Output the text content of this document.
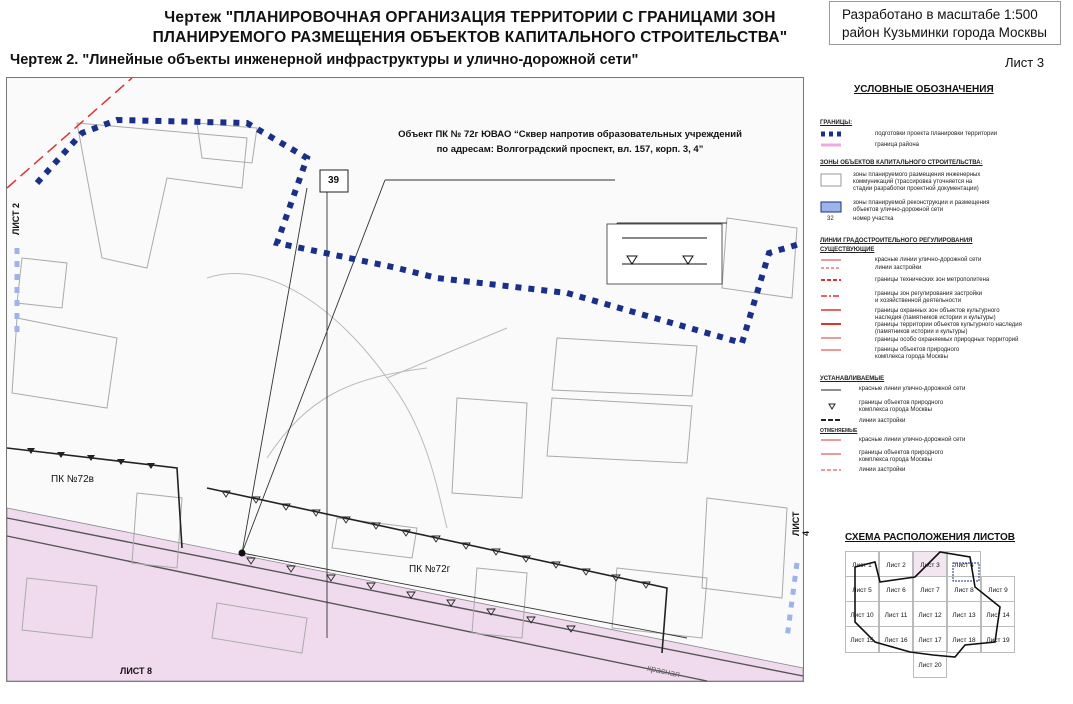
Чертеж "ПЛАНИРОВОЧНАЯ ОРГАНИЗАЦИЯ ТЕРРИТОРИИ С ГРАНИЦАМИ ЗОН
ПЛАНИРУЕМОГО РАЗМЕЩЕНИЯ ОБЪЕКТОВ КАПИТАЛЬНОГО СТРОИТЕЛЬСТВА"
Чертеж 2. "Линейные объекты инженерной инфраструктуры и улично-дорожной сети"	Лист 3
Разработано в масштабе 1:500
район Кузьминки города Москвы
39
ПК №72в
ПК №72г
ЛИСТ 2
ЛИСТ 4
ЛИСТ 8	красная
Объект ПК № 72г ЮВАО “Сквер напротив образовательных учреждений
по адресам: Волгоградский проспект, вл. 157, корп. 3, 4”
УСЛОВНЫЕ ОБОЗНАЧЕНИЯ
ГРАНИЦЫ:
подготовки проекта планировки территории
граница района
ЗОНЫ ОБЪЕКТОВ КАПИТАЛЬНОГО СТРОИТЕЛЬСТВА:
зоны планируемого размещения инженерных
коммуникаций (трассировка уточняется на
стадии разработки проектной документации)
зоны планируемой реконструкции и размещения
объектов улично-дорожной сети
32	номер участка
ЛИНИИ ГРАДОСТРОИТЕЛЬНОГО РЕГУЛИРОВАНИЯ
СУЩЕСТВУЮЩИЕ
красные линии улично-дорожной сети
линии застройки
границы технических зон метрополитена
границы зон регулирования застройки
и хозяйственной деятельности
границы охранных зон объектов культурного
наследия (памятников истории и культуры)
границы территории объектов культурного наследия
(памятников истории и культуры)
границы особо охраняемых природных территорий
границы объектов природного
комплекса города Москвы
УСТАНАВЛИВАЕМЫЕ
красные линии улично-дорожной сети
границы объектов природного
комплекса города Москвы
линии застройки
ОТМЕНЯЕМЫЕ
красные линии улично-дорожной сети
границы объектов природного
комплекса города Москвы
линии застройки
СХЕМА РАСПОЛОЖЕНИЯ ЛИСТОВ
Лист 1	Лист 2	Лист 3	Лист 4
Лист 5	Лист 6	Лист 7	Лист 8	Лист 9
Лист 10	Лист 11	Лист 12	Лист 13	Лист 14
Лист 15	Лист 16	Лист 17	Лист 18	Лист 19
Лист 20
